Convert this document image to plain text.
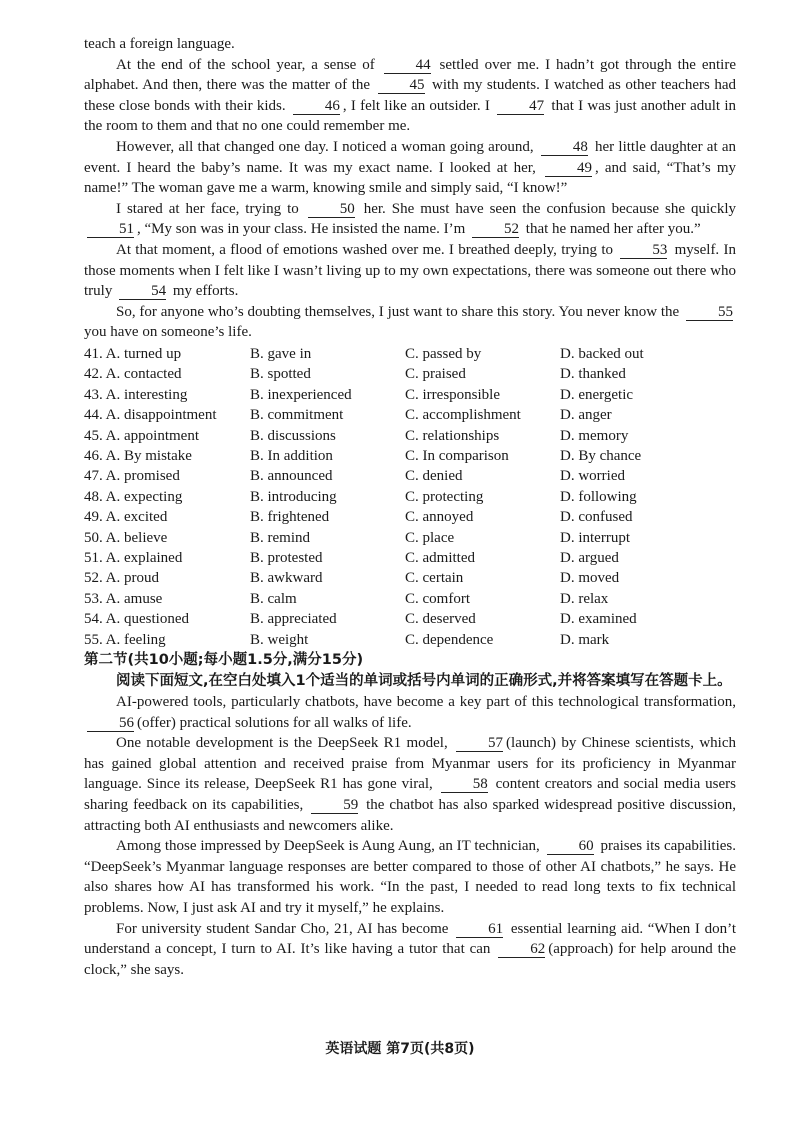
teach a foreign language.

At the end of the school year, a sense of 44 settled over me. I hadn’t got through the entire alphabet. And then, there was the matter of the 45 with my students. I watched as other teachers had these close bonds with their kids. 46 , I felt like an outsider. I 47 that I was just another adult in the room to them and that no one could remember me.

However, all that changed one day. I noticed a woman going around, 48 her little daughter at an event. I heard the baby’s name. It was my exact name. I looked at her, 49 , and said, “That’s my name!” The woman gave me a warm, knowing smile and simply said, “I know!”

I stared at her face, trying to 50 her. She must have seen the confusion because she quickly 51 , “My son was in your class. He insisted the name. I’m 52 that he named her after you.”

At that moment, a flood of emotions washed over me. I breathed deeply, trying to 53 myself. In those moments when I felt like I wasn’t living up to my own expectations, there was someone out there who truly 54 my efforts.

So, for anyone who’s doubting themselves, I just want to share this story. You never know the 55 you have on someone’s life.

41. A. turned up	B. gave in	C. passed by	D. backed out
42. A. contacted	B. spotted	C. praised	D. thanked
43. A. interesting	B. inexperienced	C. irresponsible	D. energetic
44. A. disappointment	B. commitment	C. accomplishment	D. anger
45. A. appointment	B. discussions	C. relationships	D. memory
46. A. By mistake	B. In addition	C. In comparison	D. By chance
47. A. promised	B. announced	C. denied	D. worried
48. A. expecting	B. introducing	C. protecting	D. following
49. A. excited	B. frightened	C. annoyed	D. confused
50. A. believe	B. remind	C. place	D. interrupt
51. A. explained	B. protested	C. admitted	D. argued
52. A. proud	B. awkward	C. certain	D. moved
53. A. amuse	B. calm	C. comfort	D. relax
54. A. questioned	B. appreciated	C. deserved	D. examined
55. A. feeling	B. weight	C. dependence	D. mark

第二节(共10小题;每小题1.5分,满分15分)

阅读下面短文,在空白处填入1个适当的单词或括号内单词的正确形式,并将答案填写在答题卡上。

AI-powered tools, particularly chatbots, have become a key part of this technological transformation, 56 (offer) practical solutions for all walks of life.

One notable development is the DeepSeek R1 model, 57 (launch) by Chinese scientists, which has gained global attention and received praise from Myanmar users for its proficiency in Myanmar language. Since its release, DeepSeek R1 has gone viral, 58 content creators and social media users sharing feedback on its capabilities, 59 the chatbot has also sparked widespread positive discussion, attracting both AI enthusiasts and newcomers alike.

Among those impressed by DeepSeek is Aung Aung, an IT technician, 60 praises its capabilities. “DeepSeek’s Myanmar language responses are better compared to those of other AI chatbots,” he says. He also shares how AI has transformed his work. “In the past, I needed to read long texts to fix technical problems. Now, I just ask AI and try it myself,” he explains.

For university student Sandar Cho, 21, AI has become 61 essential learning aid. “When I don’t understand a concept, I turn to AI. It’s like having a tutor that can 62 (approach) for help around the clock,” she says.

英语试题 第7页(共8页)
